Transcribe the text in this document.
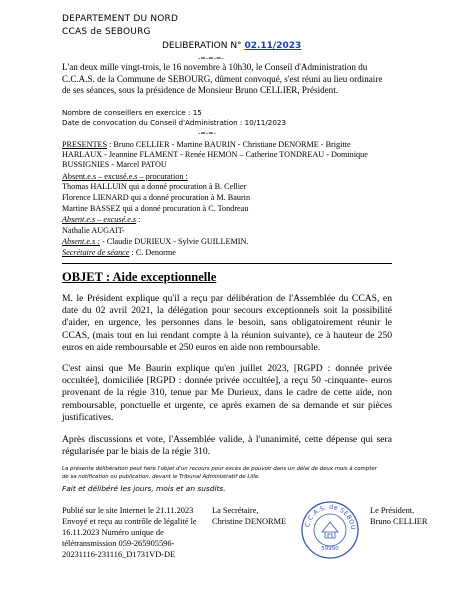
DEPARTEMENT DU NORD
CCAS de SEBOURG
DELIBERATION N° 02.11/2023
-=-=-=-
L'an deux mille vingt-trois, le 16 novembre à 10h30, le Conseil d'Administration du C.C.A.S. de la Commune de SEBOURG, dûment convoqué, s'est réuni au lieu ordinaire de ses séances, sous la présidence de Monsieur Bruno CELLIER, Président.
Nombre de conseillers en exercice : 15
Date de convocation du Conseil d'Administration : 10/11/2023
-=-=-
PRESENTES : Bruno CELLIER - Martine BAURIN - Christiane DENORME - Brigitte HARLAUX - Jeannine FLAMENT - Renée HEMON – Catherine TONDREAU - Dominique BUSSIGNIES - Marcel PATOU
Absent.e.s – excusé.e.s – procuration :
Thomas HALLUIN qui a donné procuration à B. Cellier
Florence LIENARD qui a donné procuration à M. Baurin
Martine BASSEZ qui a donné procuration à C. Tondreau
Absent.e.s – excusé.e.s :
Nathalie AUGAIT-
Absent.e.s : - Claudie DURIEUX - Sylvie GUILLEMIN.
Secrétaire de séance : C. Denorme
OBJET : Aide exceptionnelle
M. le Président explique qu'il a reçu par délibération de l'Assemblée du CCAS, en date du 02 avril 2021, la délégation pour secours exceptionnels soit la possibilité d'aider, en urgence, les personnes dans le besoin, sans obligatoirement réunir le CCAS, (mais tout en lui rendant compte à la réunion suivante), ce à hauteur de 250 euros en aide remboursable et 250 euros en aide non remboursable.
C'est ainsi que Me Baurin explique qu'en juillet 2023, [RGPD : donnée privée occultée], domiciliée [RGPD : donnée privée occultée], a reçu 50 -cinquante- euros provenant de la régie 310, tenue par Me Durieux, dans le cadre de cette aide, non remboursable, ponctuelle et urgente, ce après examen de sa demande et sur pièces justificatives.
Après discussions et vote, l'Assemblée valide, à l'unanimité, cette dépense qui sera régularisée par le biais de la régie 310.
La présente délibération peut faire l'objet d'un recours pour excès de pouvoir dans un délai de deux mois à compter
de sa notification ou publication, devant le Tribunal Administratif de Lille.
Fait et délibéré les jours, mois et an susdits.
Publié sur le site Internet le 21.11.2023
Envoyé et reçu au contrôle de légalité le
16.11.2023 Numéro unique de
télétransmission 059-265905596-
20231116-231116_D1731VD-DE
La Secrétaire,
Christine DENORME	C.C.A.S. de SEBOU
59990
Le Président,
Bruno CELLIER
